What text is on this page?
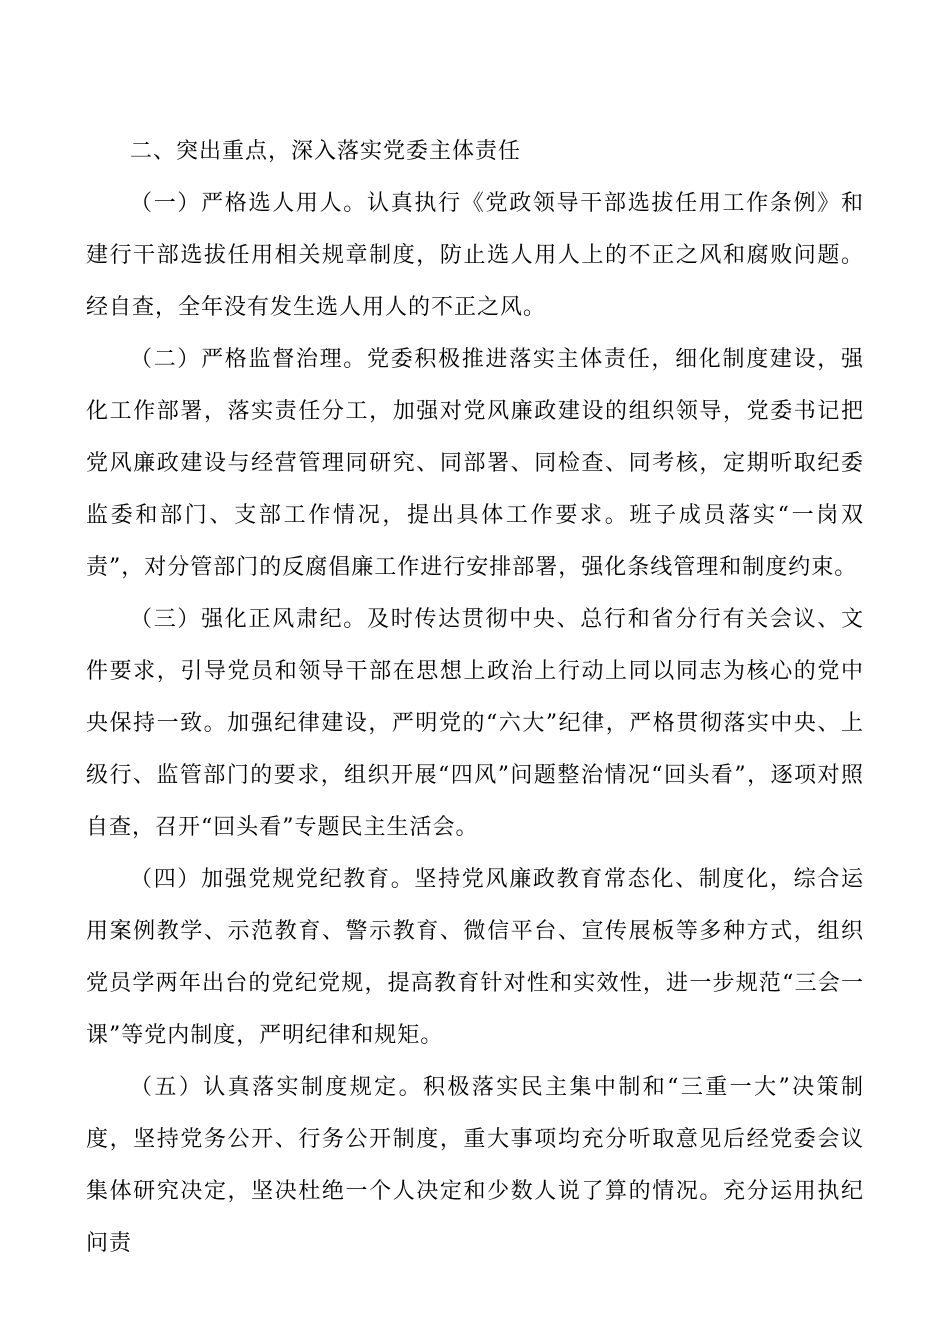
二、突出重点，深入落实党委主体责任

（一）严格选人用人。认真执行《党政领导干部选拔任用工作条例》和建行干部选拔任用相关规章制度，防止选人用人上的不正之风和腐败问题。经自查，全年没有发生选人用人的不正之风。

（二）严格监督治理。党委积极推进落实主体责任，细化制度建设，强化工作部署，落实责任分工，加强对党风廉政建设的组织领导，党委书记把党风廉政建设与经营管理同研究、同部署、同检查、同考核，定期听取纪委监委和部门、支部工作情况，提出具体工作要求。班子成员落实“一岗双责”，对分管部门的反腐倡廉工作进行安排部署，强化条线管理和制度约束。

（三）强化正风肃纪。及时传达贯彻中央、总行和省分行有关会议、文件要求，引导党员和领导干部在思想上政治上行动上同以同志为核心的党中央保持一致。加强纪律建设，严明党的“六大”纪律，严格贯彻落实中央、上级行、监管部门的要求，组织开展“四风”问题整治情况“回头看”，逐项对照自查，召开“回头看”专题民主生活会。

（四）加强党规党纪教育。坚持党风廉政教育常态化、制度化，综合运用案例教学、示范教育、警示教育、微信平台、宣传展板等多种方式，组织党员学两年出台的党纪党规，提高教育针对性和实效性，进一步规范“三会一课”等党内制度，严明纪律和规矩。

（五）认真落实制度规定。积极落实民主集中制和“三重一大”决策制度，坚持党务公开、行务公开制度，重大事项均充分听取意见后经党委会议集体研究决定，坚决杜绝一个人决定和少数人说了算的情况。充分运用执纪问责
